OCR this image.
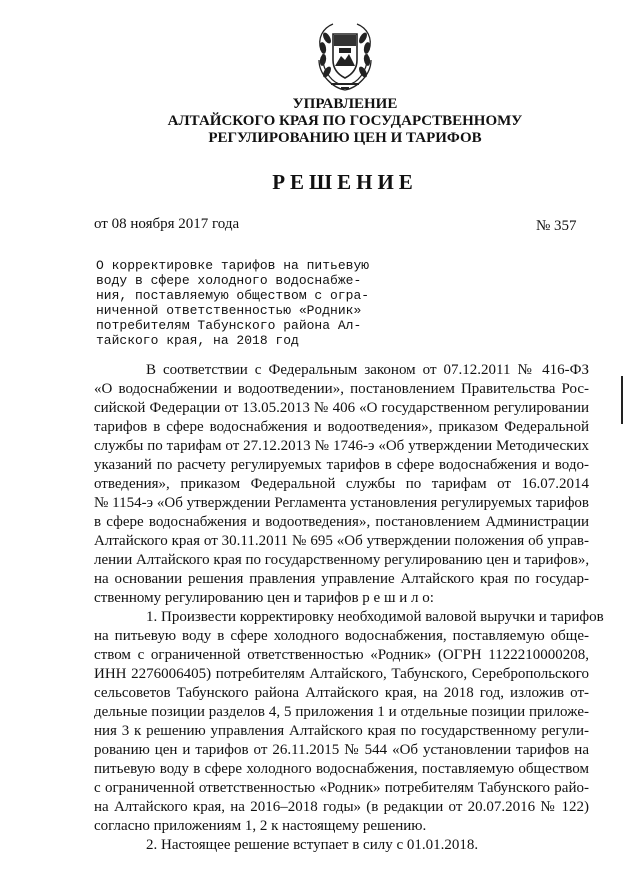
УПРАВЛЕНИЕ
АЛТАЙСКОГО КРАЯ ПО ГОСУДАРСТВЕННОМУ
РЕГУЛИРОВАНИЮ ЦЕН И ТАРИФОВ
РЕШЕНИЕ
от 08 ноября 2017 года	№ 357
О корректировке тарифов на питьевую
воду в сфере холодного водоснабже-
ния, поставляемую обществом с огра-
ниченной ответственностью «Родник»
потребителям Табунского района Ал-
тайского края, на 2018 год
В соответствии с Федеральным законом от 07.12.2011 № 416-ФЗ
«О водоснабжении и водоотведении», постановлением Правительства Рос-
сийской Федерации от 13.05.2013 № 406 «О государственном регулировании
тарифов в сфере водоснабжения и водоотведения», приказом Федеральной
службы по тарифам от 27.12.2013 № 1746-э «Об утверждении Методических
указаний по расчету регулируемых тарифов в сфере водоснабжения и водо-
отведения», приказом Федеральной службы по тарифам от 16.07.2014
№ 1154-э «Об утверждении Регламента установления регулируемых тарифов
в сфере водоснабжения и водоотведения», постановлением Администрации
Алтайского края от 30.11.2011 № 695 «Об утверждении положения об управ-
лении Алтайского края по государственному регулированию цен и тарифов»,
на основании решения правления управление Алтайского края по государ-
ственному регулированию цен и тарифов р е ш и л о:
1. Произвести корректировку необходимой валовой выручки и тарифов
на питьевую воду в сфере холодного водоснабжения, поставляемую обще-
ством с ограниченной ответственностью «Родник» (ОГРН 1122210000208,
ИНН 2276006405) потребителям Алтайского, Табунского, Серебропольского
сельсоветов Табунского района Алтайского края, на 2018 год, изложив от-
дельные позиции разделов 4, 5 приложения 1 и отдельные позиции приложе-
ния 3 к решению управления Алтайского края по государственному регули-
рованию цен и тарифов от 26.11.2015 № 544 «Об установлении тарифов на
питьевую воду в сфере холодного водоснабжения, поставляемую обществом
с ограниченной ответственностью «Родник» потребителям Табунского райо-
на Алтайского края, на 2016–2018 годы» (в редакции от 20.07.2016 № 122)
согласно приложениям 1, 2 к настоящему решению.
2. Настоящее решение вступает в силу с 01.01.2018.
